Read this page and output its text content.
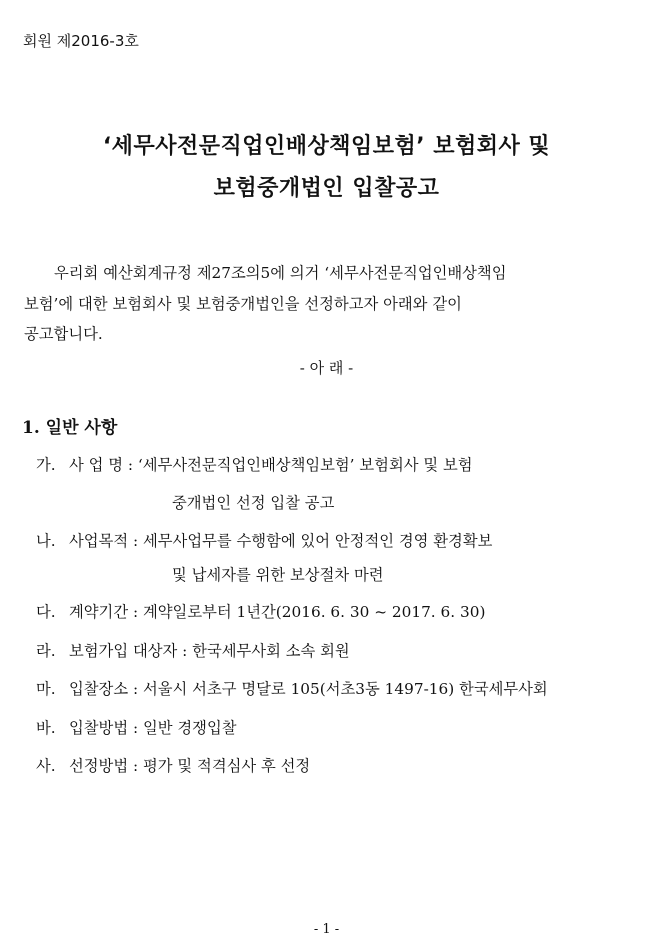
회원 제2016-3호
‘세무사전문직업인배상책임보험’ 보험회사 및
보험중개법인 입찰공고
우리회 예산회계규정 제27조의5에 의거 ‘세무사전문직업인배상책임
보험’에 대한 보험회사 및 보험중개법인을 선정하고자 아래와 같이
공고합니다.
- 아 래 -
1. 일반 사항
가. 사 업 명 : ‘세무사전문직업인배상책임보험’ 보험회사 및 보험
중개법인 선정 입찰 공고
나. 사업목적 : 세무사업무를 수행함에 있어 안정적인 경영 환경확보
및 납세자를 위한 보상절차 마련
다. 계약기간 : 계약일로부터 1년간(2016. 6. 30 ~ 2017. 6. 30)
라. 보험가입 대상자 : 한국세무사회 소속 회원
마. 입찰장소 : 서울시 서초구 명달로 105(서초3동 1497-16) 한국세무사회
바. 입찰방법 : 일반 경쟁입찰
사. 선정방법 : 평가 및 적격심사 후 선정
- 1 -
